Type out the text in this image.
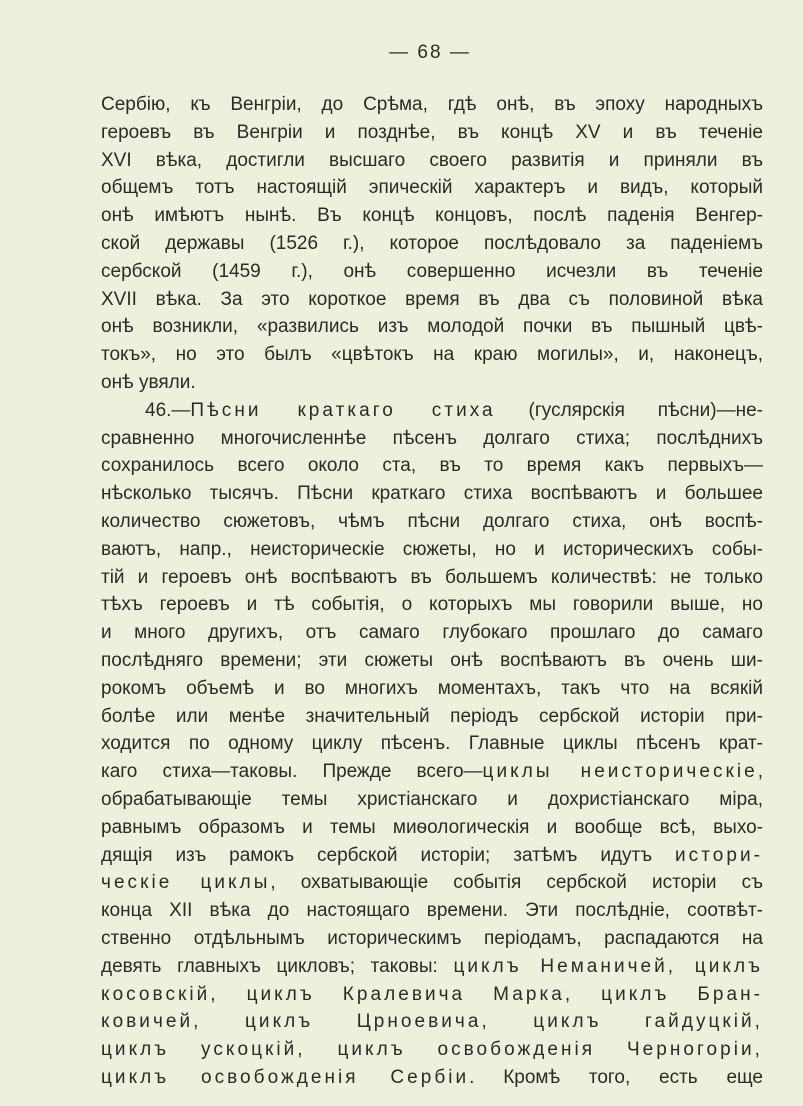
— 68 —
Сербію, къ Венгріи, до Срѣма, гдѣ онѣ, въ эпоху народныхъ
героевъ въ Венгріи и позднѣе, въ концѣ XV и въ теченіе
XVI вѣка, достигли высшаго своего развитія и приняли въ
общемъ тотъ настоящій эпическій характеръ и видъ, который
онѣ имѣютъ нынѣ. Въ концѣ концовъ, послѣ паденія Венгер-
ской державы (1526 г.), которое послѣдовало за паденіемъ
сербской (1459 г.), онѣ совершенно исчезли въ теченіе
XVII вѣка. За это короткое время въ два съ половиной вѣка
онѣ возникли, «развились изъ молодой почки въ пышный цвѣ-
токъ», но это былъ «цвѣтокъ на краю могилы», и, наконецъ,
онѣ увяли.
46.—Пѣсни краткаго стиха (гуслярскія пѣсни)—не-
сравненно многочисленнѣе пѣсенъ долгаго стиха; послѣднихъ
сохранилось всего около ста, въ то время какъ первыхъ—
нѣсколько тысячъ. Пѣсни краткаго стиха воспѣваютъ и большее
количество сюжетовъ, чѣмъ пѣсни долгаго стиха, онѣ воспѣ-
ваютъ, напр., неисторическіе сюжеты, но и историческихъ собы-
тій и героевъ онѣ воспѣваютъ въ большемъ количествѣ: не только
тѣхъ героевъ и тѣ событія, о которыхъ мы говорили выше, но
и много другихъ, отъ самаго глубокаго прошлаго до самаго
послѣдняго времени; эти сюжеты онѣ воспѣваютъ въ очень ши-
рокомъ объемѣ и во многихъ моментахъ, такъ что на всякій
болѣе или менѣе значительный періодъ сербской исторіи при-
ходится по одному циклу пѣсенъ. Главные циклы пѣсенъ крат-
каго стиха—таковы. Прежде всего—циклы неисторическіе,
обрабатывающіе темы христіанскаго и дохристіанскаго міра,
равнымъ образомъ и темы миѳологическія и вообще всѣ, выхо-
дящія изъ рамокъ сербской исторіи; затѣмъ идутъ истори-
ческіе циклы, охватывающіе событія сербской исторіи съ
конца XII вѣка до настоящаго времени. Эти послѣдніе, соотвѣт-
ственно отдѣльнымъ историческимъ періодамъ, распадаются на
девять главныхъ цикловъ; таковы: циклъ Неманичей, циклъ
косовскій, циклъ Кралевича Марка, циклъ Бран-
ковичей, циклъ Црноевича, циклъ гайдуцкій,
циклъ ускоцкій, циклъ освобожденія Черногоріи,
циклъ освобожденія Сербіи. Кромѣ того, есть еще
